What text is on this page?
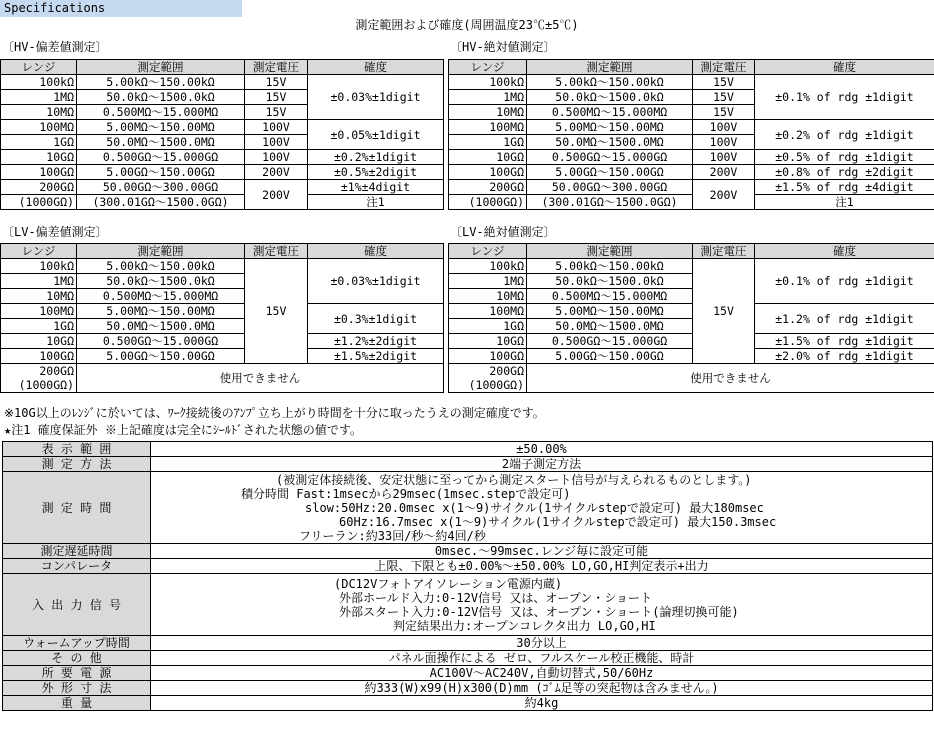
Specifications
測定範囲および確度(周囲温度23℃±5℃)
〔HV-偏差値測定〕
レンジ	測定範囲	測定電圧	確度
100kΩ	5.00kΩ～150.00kΩ	15V	±0.03%±1digit
1MΩ	50.0kΩ～1500.0kΩ	15V	
10MΩ	0.500MΩ～15.000MΩ	15V	
100MΩ	5.00MΩ～150.00MΩ	100V	±0.05%±1digit
1GΩ	50.0MΩ～1500.0MΩ	100V	
10GΩ	0.500GΩ～15.000GΩ	100V	±0.2%±1digit
100GΩ	5.00GΩ～150.00GΩ	200V	±0.5%±2digit
200GΩ	50.00GΩ～300.00GΩ	200V	±1%±4digit
(1000GΩ)	(300.01GΩ～1500.0GΩ)		注1
〔HV-絶対値測定〕
レンジ	測定範囲	測定電圧	確度
100kΩ	5.00kΩ～150.00kΩ	15V	±0.1% of rdg ±1digit
1MΩ	50.0kΩ～1500.0kΩ	15V	
10MΩ	0.500MΩ～15.000MΩ	15V	
100MΩ	5.00MΩ～150.00MΩ	100V	±0.2% of rdg ±1digit
1GΩ	50.0MΩ～1500.0MΩ	100V	
10GΩ	0.500GΩ～15.000GΩ	100V	±0.5% of rdg ±1digit
100GΩ	5.00GΩ～150.00GΩ	200V	±0.8% of rdg ±2digit
200GΩ	50.00GΩ～300.00GΩ	200V	±1.5% of rdg ±4digit
(1000GΩ)	(300.01GΩ～1500.0GΩ)		注1
〔LV-偏差値測定〕
レンジ	測定範囲	測定電圧	確度
100kΩ	5.00kΩ～150.00kΩ	15V	±0.03%±1digit
1MΩ	50.0kΩ～1500.0kΩ		
10MΩ	0.500MΩ～15.000MΩ		
100MΩ	5.00MΩ～150.00MΩ		±0.3%±1digit
1GΩ	50.0MΩ～1500.0MΩ		
10GΩ	0.500GΩ～15.000GΩ		±1.2%±2digit
100GΩ	5.00GΩ～150.00GΩ		±1.5%±2digit

200GΩ
(1000GΩ)	使用できません		
〔LV-絶対値測定〕
レンジ	測定範囲	測定電圧	確度
100kΩ	5.00kΩ～150.00kΩ	15V	±0.1% of rdg ±1digit
1MΩ	50.0kΩ～1500.0kΩ		
10MΩ	0.500MΩ～15.000MΩ		
100MΩ	5.00MΩ～150.00MΩ		±1.2% of rdg ±1digit
1GΩ	50.0MΩ～1500.0MΩ		
10GΩ	0.500GΩ～15.000GΩ		±1.5% of rdg ±1digit
100GΩ	5.00GΩ～150.00GΩ		±2.0% of rdg ±1digit

200GΩ
(1000GΩ)	使用できません		
※10G以上のﾚﾝｼﾞに於いては、ﾜｰｸ接続後のｱﾝﾌﾟ立ち上がり時間を十分に取ったうえの測定確度です。
★注1 確度保証外 ※上記確度は完全にｼｰﾙﾄﾞされた状態の値です。
表 示 範 囲	±50.00%
測 定 方 法	2端子測定方法
測 定 時 間	(被測定体接続後、安定状態に至ってから測定スタート信号が与えられるものとします。)
積分時間 Fast:1msecから29msec(1msec.stepで設定可)
slow:50Hz:20.0msec x(1～9)サイクル(1サイクルstepで設定可) 最大180msec
60Hz:16.7msec x(1～9)サイクル(1サイクルstepで設定可) 最大150.3msec
フリーラン:約33回/秒～約4回/秒

測定遅延時間	0msec.～99msec.レンジ毎に設定可能
コンパレータ	上限、下限とも±0.00%～±50.00% LO,GO,HI判定表示+出力
入 出 力 信 号	(DC12Vフォトアイソレーション電源内蔵)
外部ホールド入力:0-12V信号 又は、オープン・ショート
外部スタート入力:0-12V信号 又は、オープン・ショート(論理切換可能)
判定結果出力:オープンコレクタ出力 LO,GO,HI

ウォームアップ時間	30分以上
そ の 他	パネル面操作による ゼロ、フルスケール校正機能、時計
所 要 電 源	AC100V～AC240V,自動切替式,50/60Hz
外 形 寸 法	約333(W)x99(H)x300(D)mm (ｺﾞﾑ足等の突起物は含みません。)
重 量	約4kg
